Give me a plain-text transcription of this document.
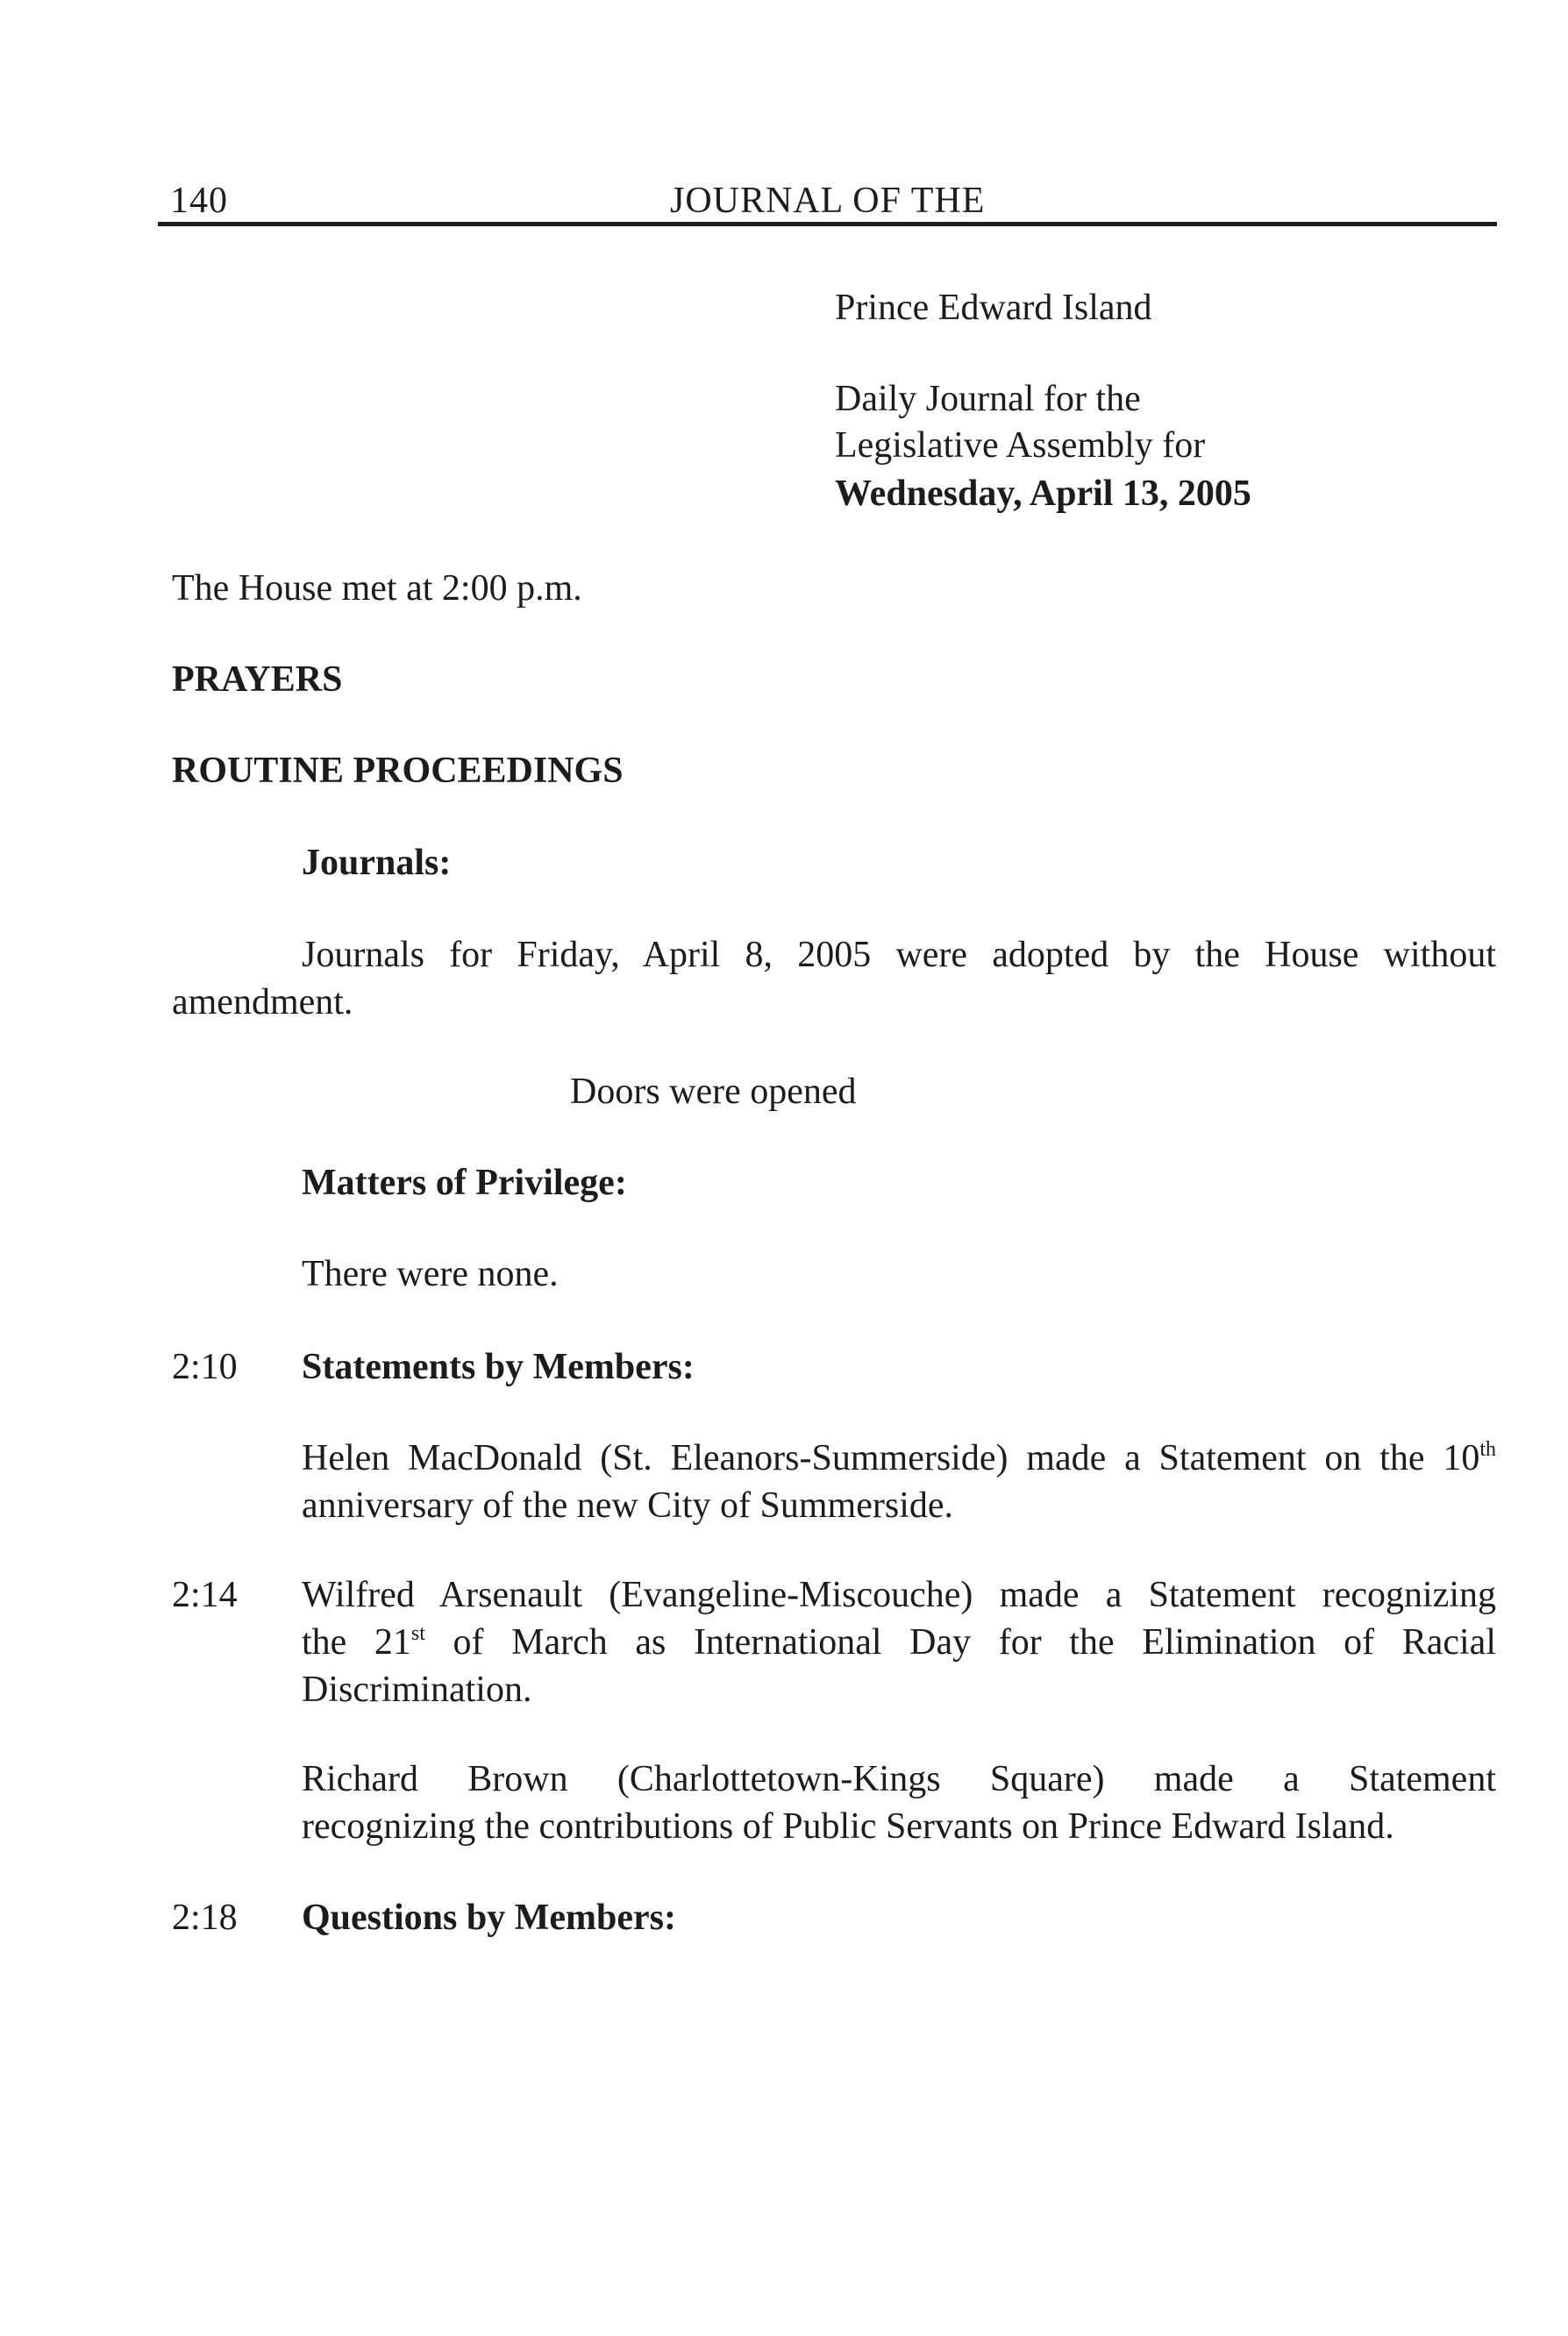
140	JOURNAL OF THE
Prince Edward Island
Daily Journal for the
Legislative Assembly for
Wednesday, April 13, 2005
The House met at 2:00 p.m.
PRAYERS
ROUTINE PROCEEDINGS
Journals:
Journals for Friday, April 8, 2005 were adopted by the House without
amendment.
Doors were opened
Matters of Privilege:
There were none.
2:10 Statements by Members:
Helen MacDonald (St. Eleanors-Summerside) made a Statement on the 10th
anniversary of the new City of Summerside.
2:14 Wilfred Arsenault (Evangeline-Miscouche) made a Statement recognizing
the 21st of March as International Day for the Elimination of Racial
Discrimination.
Richard Brown (Charlottetown-Kings Square) made a Statement
recognizing the contributions of Public Servants on Prince Edward Island.
2:18 Questions by Members:
